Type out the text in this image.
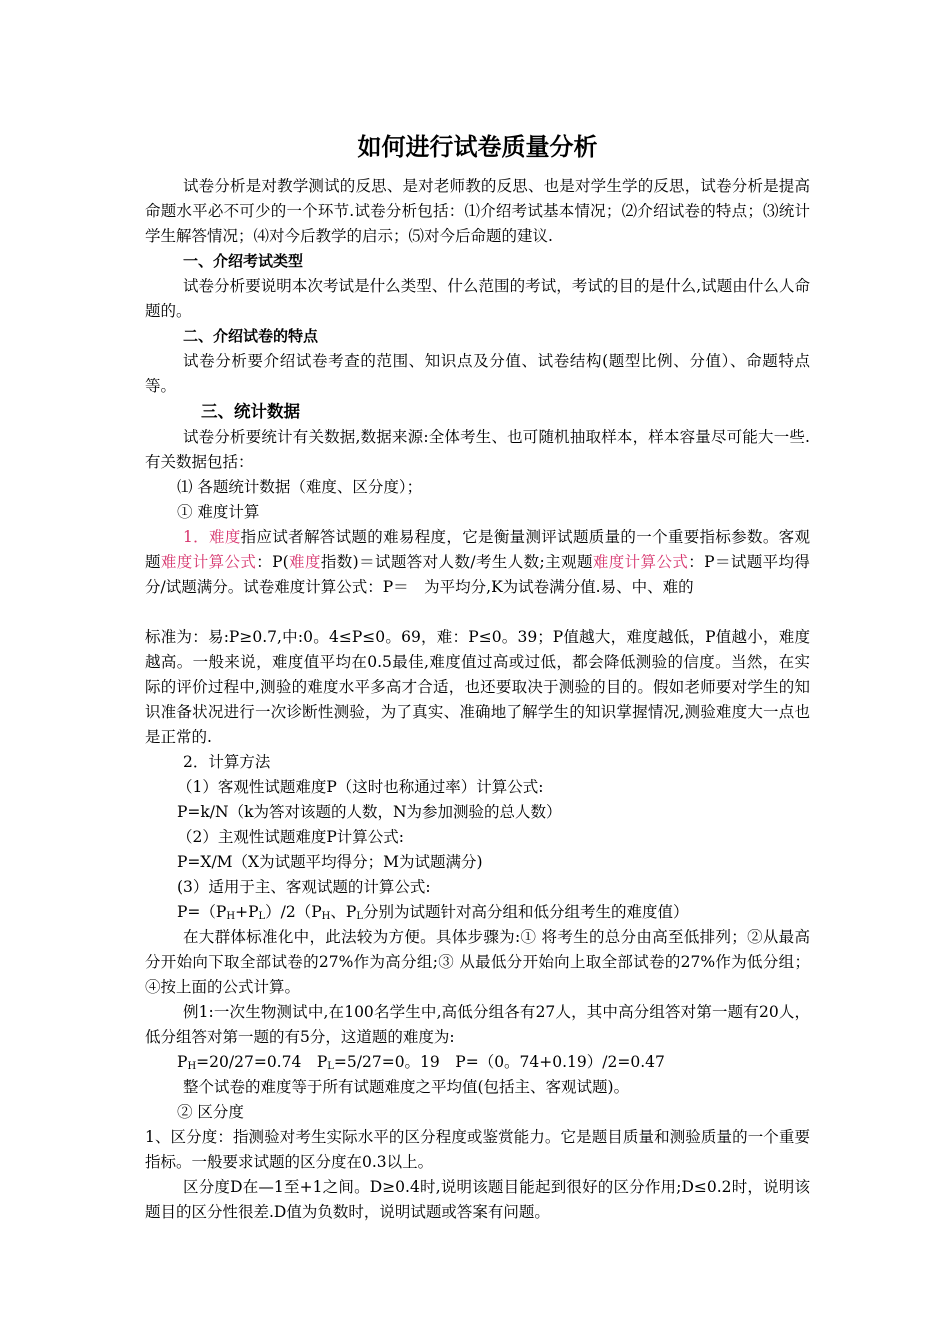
如何进行试卷质量分析

试卷分析是对教学测试的反思、是对老师教的反思、也是对学生学的反思，试卷分析是提高命题水平必不可少的一个环节.试卷分析包括：⑴介绍考试基本情况；⑵介绍试卷的特点；⑶统计学生解答情况；⑷对今后教学的启示；⑸对今后命题的建议.

一、介绍考试类型

试卷分析要说明本次考试是什么类型、什么范围的考试，考试的目的是什么,试题由什么人命题的。

二、介绍试卷的特点

试卷分析要介绍试卷考查的范围、知识点及分值、试卷结构(题型比例、分值）、命题特点等。

三、统计数据

试卷分析要统计有关数据,数据来源:全体考生、也可随机抽取样本，样本容量尽可能大一些.有关数据包括：

⑴ 各题统计数据（难度、区分度）；

① 难度计算

1．难度指应试者解答试题的难易程度，它是衡量测评试题质量的一个重要指标参数。客观题难度计算公式：P(难度指数)＝试题答对人数/考生人数;主观题难度计算公式：P＝试题平均得分/试题满分。试卷难度计算公式：P＝　为平均分,K为试卷满分值.易、中、难的

标准为：易:P≥0.7,中:0。4≤P≤0。69，难：P≤0。39；P值越大，难度越低，P值越小，难度越高。一般来说，难度值平均在0.5最佳,难度值过高或过低，都会降低测验的信度。当然，在实际的评价过程中,测验的难度水平多高才合适，也还要取决于测验的目的。假如老师要对学生的知识准备状况进行一次诊断性测验，为了真实、准确地了解学生的知识掌握情况,测验难度大一点也是正常的.

2．计算方法

（1）客观性试题难度P（这时也称通过率）计算公式:

P=k/N（k为答对该题的人数，N为参加测验的总人数）

（2）主观性试题难度P计算公式:

P=X/M（X为试题平均得分；M为试题满分)

(3）适用于主、客观试题的计算公式:

$P=(P_H+P_L)/2(P_H$、$P_L$分别为试题针对高分组和低分组考生的难度值）

在大群体标准化中，此法较为方便。具体步骤为:① 将考生的总分由高至低排列；②从最高分开始向下取全部试卷的27%作为高分组;③ 从最低分开始向上取全部试卷的27%作为低分组；④按上面的公式计算。

例1:一次生物测试中,在100名学生中,高低分组各有27人，其中高分组答对第一题有20人，低分组答对第一题的有5分，这道题的难度为:

$P_H=20/27=0.74$　$P_L=5/27=0$。19　P=（0。74+0.19）/2=0.47

整个试卷的难度等于所有试题难度之平均值(包括主、客观试题)。

② 区分度

1、区分度：指测验对考生实际水平的区分程度或鉴赏能力。它是题目质量和测验质量的一个重要指标。一般要求试题的区分度在0.3以上。

区分度D在—1至+1之间。D≥0.4时,说明该题目能起到很好的区分作用;D≤0.2时，说明该题目的区分性很差.D值为负数时，说明试题或答案有问题。
